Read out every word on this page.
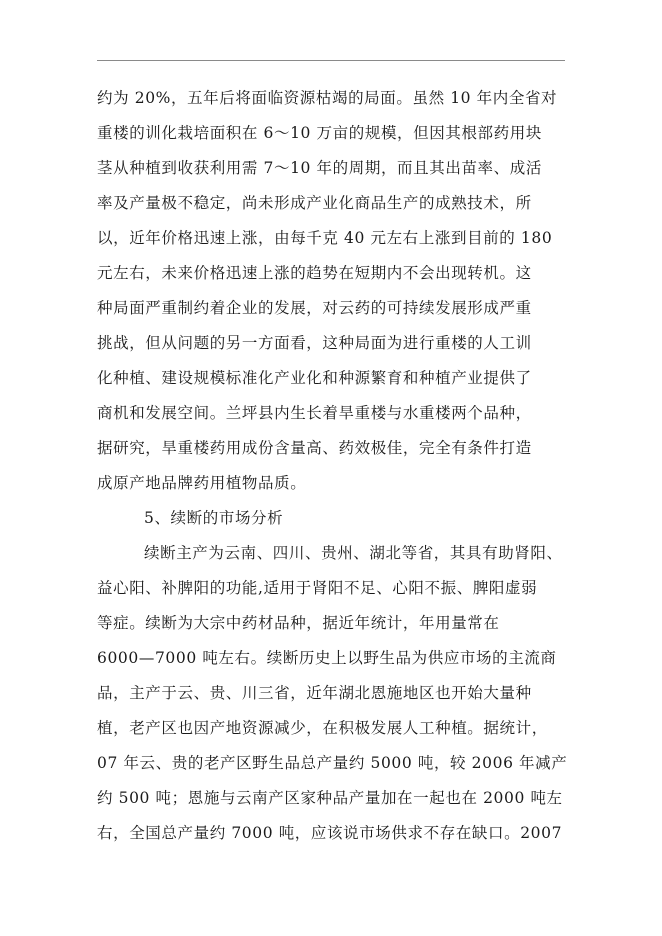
约为 20%，五年后将面临资源枯竭的局面。虽然 10 年内全省对
重楼的训化栽培面积在 6～10 万亩的规模，但因其根部药用块
茎从种植到收获利用需 7～10 年的周期，而且其出苗率、成活
率及产量极不稳定，尚未形成产业化商品生产的成熟技术，所
以，近年价格迅速上涨，由每千克 40 元左右上涨到目前的 180
元左右，未来价格迅速上涨的趋势在短期内不会出现转机。这
种局面严重制约着企业的发展，对云药的可持续发展形成严重
挑战，但从问题的另一方面看，这种局面为进行重楼的人工训
化种植、建设规模标准化产业化和种源繁育和种植产业提供了
商机和发展空间。兰坪县内生长着旱重楼与水重楼两个品种，
据研究，旱重楼药用成份含量高、药效极佳，完全有条件打造
成原产地品牌药用植物品质。
5、续断的市场分析
续断主产为云南、四川、贵州、湖北等省，其具有助肾阳、
益心阳、补脾阳的功能,适用于肾阳不足、心阳不振、脾阳虚弱
等症。续断为大宗中药材品种，据近年统计，年用量常在
6000—7000 吨左右。续断历史上以野生品为供应市场的主流商
品，主产于云、贵、川三省，近年湖北恩施地区也开始大量种
植，老产区也因产地资源减少，在积极发展人工种植。据统计，
07 年云、贵的老产区野生品总产量约 5000 吨，较 2006 年减产
约 500 吨；恩施与云南产区家种品产量加在一起也在 2000 吨左
右，全国总产量约 7000 吨，应该说市场供求不存在缺口。2007
